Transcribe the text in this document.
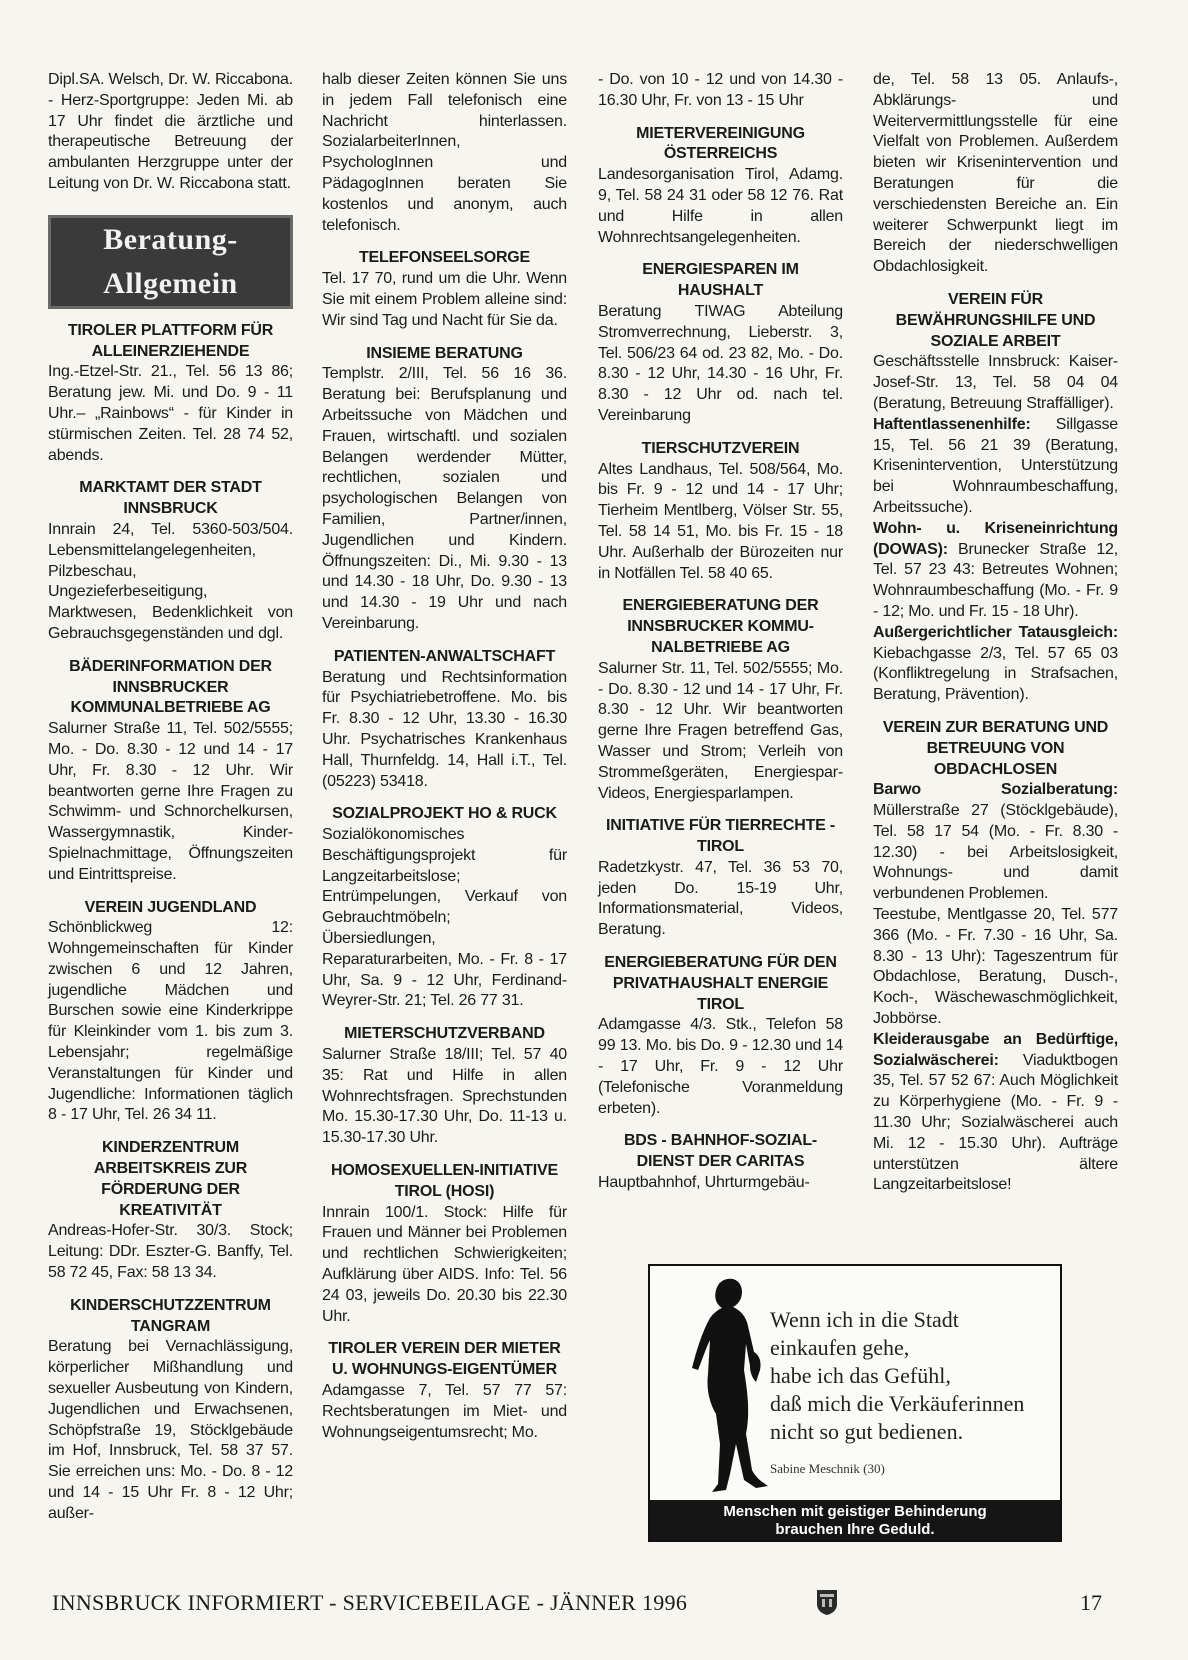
Dipl.SA. Welsch, Dr. W. Riccabona. - Herz-Sportgruppe: Jeden Mi. ab 17 Uhr findet die ärztliche und therapeutische Betreuung der ambulanten Herzgruppe unter der Leitung von Dr. W. Riccabona statt.
Beratung-Allgemein
TIROLER PLATTFORM FÜR ALLEINERZIEHENDE
Ing.-Etzel-Str. 21., Tel. 56 13 86; Beratung jew. Mi. und Do. 9 - 11 Uhr.– „Rainbows“ - für Kinder in stürmischen Zeiten. Tel. 28 74 52, abends.
MARKTAMT DER STADT INNSBRUCK
Innrain 24, Tel. 5360-503/504. Lebensmittelangelegenheiten, Pilzbeschau, Ungezieferbeseitigung, Marktwesen, Bedenklichkeit von Gebrauchsgegenständen und dgl.
BÄDERINFORMATION DER INNSBRUCKER KOMMUNALBETRIEBE AG
Salurner Straße 11, Tel. 502/5555; Mo. - Do. 8.30 - 12 und 14 - 17 Uhr, Fr. 8.30 - 12 Uhr. Wir beantworten gerne Ihre Fragen zu Schwimm- und Schnorchelkursen, Wassergymnastik, Kinder-Spielnachmittage, Öffnungszeiten und Eintrittspreise.
VEREIN JUGENDLAND
Schönblickweg 12: Wohngemeinschaften für Kinder zwischen 6 und 12 Jahren, jugendliche Mädchen und Burschen sowie eine Kinderkrippe für Kleinkinder vom 1. bis zum 3. Lebensjahr; regelmäßige Veranstaltungen für Kinder und Jugendliche: Informationen täglich 8 - 17 Uhr, Tel. 26 34 11.
KINDERZENTRUM ARBEITSKREIS ZUR FÖRDERUNG DER KREATIVITÄT
Andreas-Hofer-Str. 30/3. Stock; Leitung: DDr. Eszter-G. Banffy, Tel. 58 72 45, Fax: 58 13 34.
KINDERSCHUTZZENTRUM TANGRAM
Beratung bei Vernachlässigung, körperlicher Mißhandlung und sexueller Ausbeutung von Kindern, Jugendlichen und Erwachsenen, Schöpfstraße 19, Stöcklgebäude im Hof, Innsbruck, Tel. 58 37 57. Sie erreichen uns: Mo. - Do. 8 - 12 und 14 - 15 Uhr Fr. 8 - 12 Uhr; außer-
halb dieser Zeiten können Sie uns in jedem Fall telefonisch eine Nachricht hinterlassen. SozialarbeiterInnen, PsychologInnen und PädagogInnen beraten Sie kostenlos und anonym, auch telefonisch.
TELEFONSEELSORGE
Tel. 17 70, rund um die Uhr. Wenn Sie mit einem Problem alleine sind: Wir sind Tag und Nacht für Sie da.
INSIEME BERATUNG
Templstr. 2/III, Tel. 56 16 36. Beratung bei: Berufsplanung und Arbeitssuche von Mädchen und Frauen, wirtschaftl. und sozialen Belangen werdender Mütter, rechtlichen, sozialen und psychologischen Belangen von Familien, Partner/innen, Jugendlichen und Kindern. Öffnungszeiten: Di., Mi. 9.30 - 13 und 14.30 - 18 Uhr, Do. 9.30 - 13 und 14.30 - 19 Uhr und nach Vereinbarung.
PATIENTEN-ANWALTSCHAFT
Beratung und Rechtsinformation für Psychiatriebetroffene. Mo. bis Fr. 8.30 - 12 Uhr, 13.30 - 16.30 Uhr. Psychatrisches Krankenhaus Hall, Thurnfeldg. 14, Hall i.T., Tel. (05223) 53418.
SOZIALPROJEKT HO & RUCK
Sozialökonomisches Beschäftigungsprojekt für Langzeitarbeitslose; Entrümpelungen, Verkauf von Gebrauchtmöbeln; Übersiedlungen, Reparaturarbeiten, Mo. - Fr. 8 - 17 Uhr, Sa. 9 - 12 Uhr, Ferdinand-Weyrer-Str. 21; Tel. 26 77 31.
MIETERSCHUTZVERBAND
Salurner Straße 18/III; Tel. 57 40 35: Rat und Hilfe in allen Wohnrechtsfragen. Sprechstunden Mo. 15.30-17.30 Uhr, Do. 11-13 u. 15.30-17.30 Uhr.
HOMOSEXUELLEN-INITIATIVE TIROL (HOSI)
Innrain 100/1. Stock: Hilfe für Frauen und Männer bei Problemen und rechtlichen Schwierigkeiten; Aufklärung über AIDS. Info: Tel. 56 24 03, jeweils Do. 20.30 bis 22.30 Uhr.
TIROLER VEREIN DER MIETER U. WOHNUNGS-EIGENTÜMER
Adamgasse 7, Tel. 57 77 57: Rechtsberatungen im Miet- und Wohnungseigentumsrecht; Mo.
- Do. von 10 - 12 und von 14.30 - 16.30 Uhr, Fr. von 13 - 15 Uhr
MIETERVEREINIGUNG ÖSTERREICHS
Landesorganisation Tirol, Adamg. 9, Tel. 58 24 31 oder 58 12 76. Rat und Hilfe in allen Wohnrechtsangelegenheiten.
ENERGIESPAREN IM HAUSHALT
Beratung TIWAG Abteilung Stromverrechnung, Lieberstr. 3, Tel. 506/23 64 od. 23 82, Mo. - Do. 8.30 - 12 Uhr, 14.30 - 16 Uhr, Fr. 8.30 - 12 Uhr od. nach tel. Vereinbarung
TIERSCHUTZVEREIN
Altes Landhaus, Tel. 508/564, Mo. bis Fr. 9 - 12 und 14 - 17 Uhr; Tierheim Mentlberg, Völser Str. 55, Tel. 58 14 51, Mo. bis Fr. 15 - 18 Uhr. Außerhalb der Bürozeiten nur in Notfällen Tel. 58 40 65.
ENERGIEBERATUNG DER INNSBRUCKER KOMMU-NALBETRIEBE AG
Salurner Str. 11, Tel. 502/5555; Mo. - Do. 8.30 - 12 und 14 - 17 Uhr, Fr. 8.30 - 12 Uhr. Wir beantworten gerne Ihre Fragen betreffend Gas, Wasser und Strom; Verleih von Strommeßgeräten, Energiespar-Videos, Energiesparlampen.
INITIATIVE FÜR TIERRECHTE - TIROL
Radetzkystr. 47, Tel. 36 53 70, jeden Do. 15-19 Uhr, Informationsmaterial, Videos, Beratung.
ENERGIEBERATUNG FÜR DEN PRIVATHAUSHALT ENERGIE TIROL
Adamgasse 4/3. Stk., Telefon 58 99 13. Mo. bis Do. 9 - 12.30 und 14 - 17 Uhr, Fr. 9 - 12 Uhr (Telefonische Voranmeldung erbeten).
BDS - BAHNHOF-SOZIAL-DIENST DER CARITAS
Hauptbahnhof, Uhrturmgebäu-
de, Tel. 58 13 05. Anlaufs-, Abklärungs- und Weitervermittlungsstelle für eine Vielfalt von Problemen. Außerdem bieten wir Krisenintervention und Beratungen für die verschiedensten Bereiche an. Ein weiterer Schwerpunkt liegt im Bereich der niederschwelligen Obdachlosigkeit.
VEREIN FÜR BEWÄHRUNGSHILFE UND SOZIALE ARBEIT
Geschäftsstelle Innsbruck: Kaiser-Josef-Str. 13, Tel. 58 04 04 (Beratung, Betreuung Straffälliger).
Haftentlassenenhilfe: Sillgasse 15, Tel. 56 21 39 (Beratung, Krisenintervention, Unterstützung bei Wohnraumbeschaffung, Arbeitssuche).
Wohn- u. Kriseneinrichtung (DOWAS): Brunecker Straße 12, Tel. 57 23 43: Betreutes Wohnen; Wohnraumbeschaffung (Mo. - Fr. 9 - 12; Mo. und Fr. 15 - 18 Uhr).
Außergerichtlicher Tatausgleich: Kiebachgasse 2/3, Tel. 57 65 03 (Konfliktregelung in Strafsachen, Beratung, Prävention).
VEREIN ZUR BERATUNG UND BETREUUNG VON OBDACHLOSEN
Barwo Sozialberatung: Müllerstraße 27 (Stöcklgebäude), Tel. 58 17 54 (Mo. - Fr. 8.30 - 12.30) - bei Arbeitslosigkeit, Wohnungs- und damit verbundenen Problemen.
Teestube, Mentlgasse 20, Tel. 577 366 (Mo. - Fr. 7.30 - 16 Uhr, Sa. 8.30 - 13 Uhr): Tageszentrum für Obdachlose, Beratung, Dusch-, Koch-, Wäschewaschmöglichkeit, Jobbörse.
Kleiderausgabe an Bedürftige, Sozialwäscherei: Viaduktbogen 35, Tel. 57 52 67: Auch Möglichkeit zu Körperhygiene (Mo. - Fr. 9 - 11.30 Uhr; Sozialwäscherei auch Mi. 12 - 15.30 Uhr). Aufträge unterstützen ältere Langzeitarbeitslose!
Wenn ich in die Stadt
einkaufen gehe,
habe ich das Gefühl,
daß mich die Verkäuferinnen
nicht so gut bedienen.
Sabine Meschnik (30)
Menschen mit geistiger Behinderung
brauchen Ihre Geduld.
INNSBRUCK INFORMIERT - SERVICEBEILAGE - JÄNNER 1996	17
